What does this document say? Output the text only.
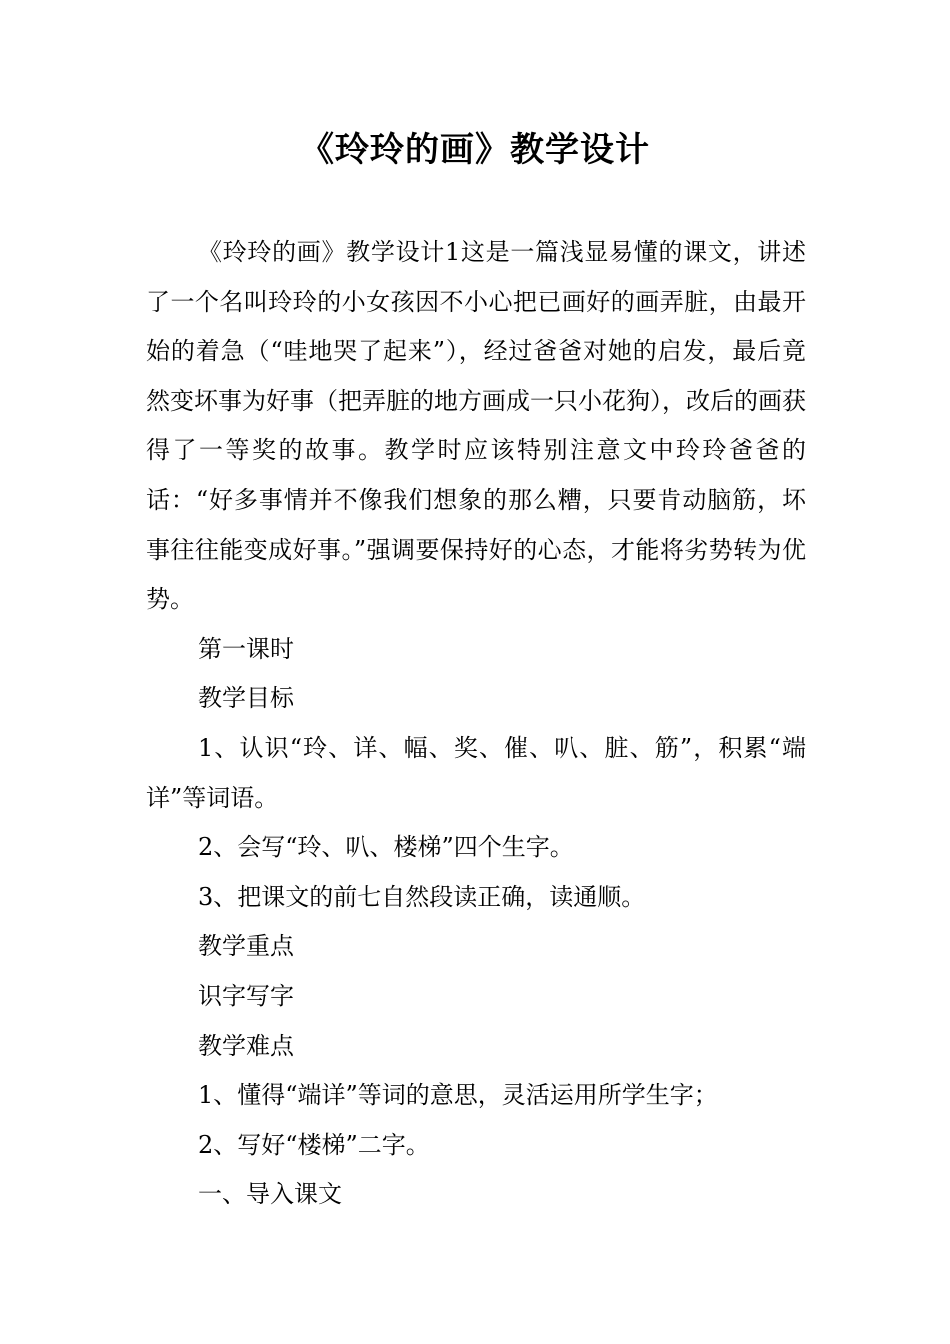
《玲玲的画》教学设计

《玲玲的画》教学设计1这是一篇浅显易懂的课文，讲述了一个名叫玲玲的小女孩因不小心把已画好的画弄脏，由最开始的着急（“哇地哭了起来”），经过爸爸对她的启发，最后竟然变坏事为好事（把弄脏的地方画成一只小花狗），改后的画获得了一等奖的故事。教学时应该特别注意文中玲玲爸爸的话：“好多事情并不像我们想象的那么糟，只要肯动脑筋，坏事往往能变成好事。”强调要保持好的心态，才能将劣势转为优势。

第一课时

教学目标

1、认识“玲、详、幅、奖、催、叭、脏、筋”，积累“端详”等词语。

2、会写“玲、叭、楼梯”四个生字。

3、把课文的前七自然段读正确，读通顺。

教学重点

识字写字

教学难点

1、懂得“端详”等词的意思，灵活运用所学生字；

2、写好“楼梯”二字。

一、导入课文
